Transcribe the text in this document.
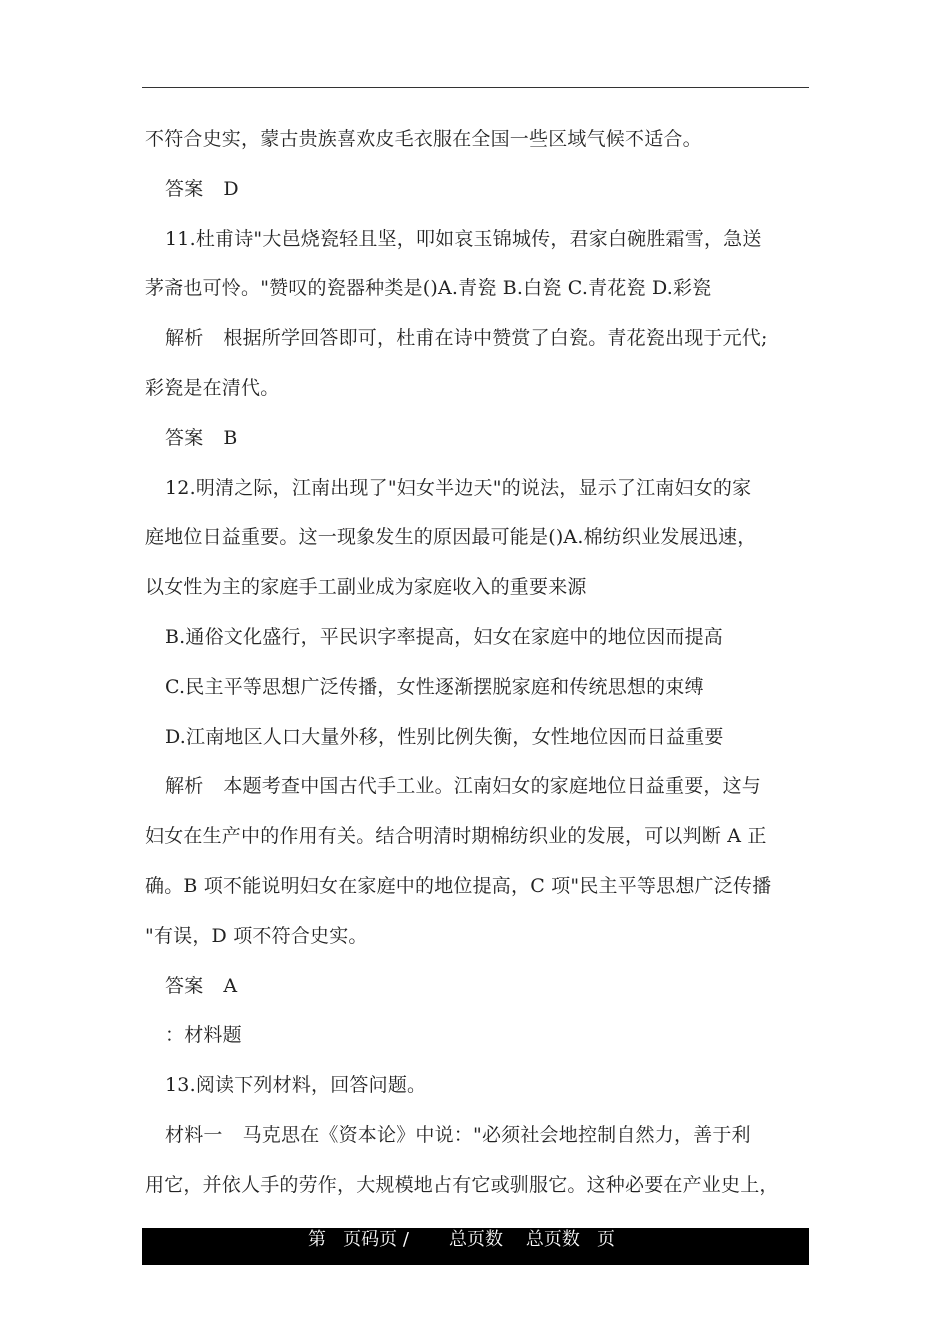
不符合史实，蒙古贵族喜欢皮毛衣服在全国一些区域气候不适合。
答案 D
11.杜甫诗"大邑烧瓷轻且坚，叩如哀玉锦城传，君家白碗胜霜雪，急送
茅斋也可怜。"赞叹的瓷器种类是()A.青瓷 B.白瓷 C.青花瓷 D.彩瓷
解析 根据所学回答即可，杜甫在诗中赞赏了白瓷。青花瓷出现于元代;
彩瓷是在清代。
答案 B
12.明清之际，江南出现了"妇女半边天"的说法，显示了江南妇女的家
庭地位日益重要。这一现象发生的原因最可能是()A.棉纺织业发展迅速，
以女性为主的家庭手工副业成为家庭收入的重要来源
B.通俗文化盛行，平民识字率提高，妇女在家庭中的地位因而提高
C.民主平等思想广泛传播，女性逐渐摆脱家庭和传统思想的束缚
D.江南地区人口大量外移，性别比例失衡，女性地位因而日益重要
解析 本题考查中国古代手工业。江南妇女的家庭地位日益重要，这与
妇女在生产中的作用有关。结合明清时期棉纺织业的发展，可以判断 A 正
确。B 项不能说明妇女在家庭中的地位提高，C 项"民主平等思想广泛传播
"有误，D 项不符合史实。
答案 A
：材料题
13.阅读下列材料，回答问题。
材料一 马克思在《资本论》中说："必须社会地控制自然力，善于利
用它，并依人手的劳作，大规模地占有它或驯服它。这种必要在产业史上，
第   页码页 /       总页数    总页数   页
